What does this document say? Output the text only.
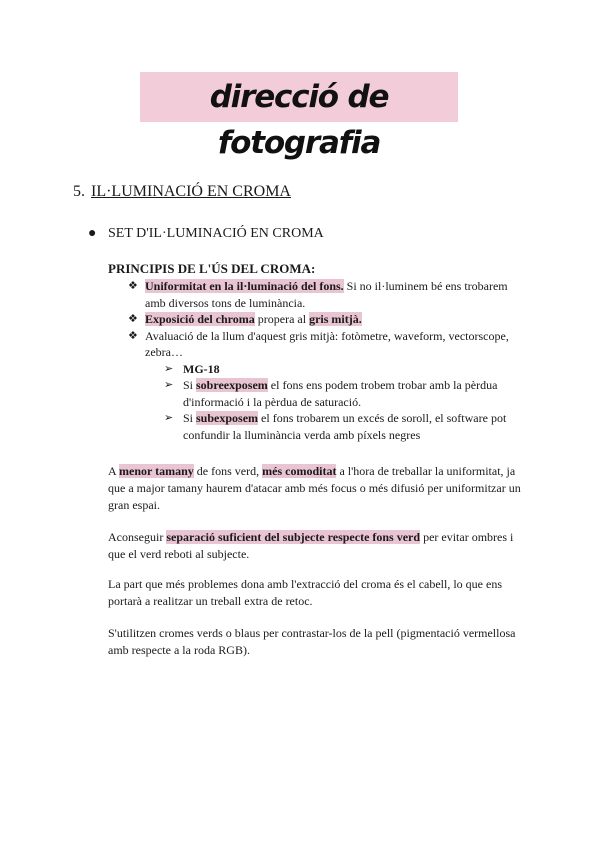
direcció de fotografia
5. IL·LUMINACIÓ EN CROMA
● SET D'IL·LUMINACIÓ EN CROMA
PRINCIPIS DE L'ÚS DEL CROMA:
❖ Uniformitat en la il·luminació del fons. Si no il·luminem bé ens trobarem amb diversos tons de luminància.
❖ Exposició del chroma propera al gris mitjà.
❖ Avaluació de la llum d'aquest gris mitjà: fotòmetre, waveform, vectorscope, zebra…
➢ MG-18
➢ Si sobreexposem el fons ens podem trobem trobar amb la pèrdua d'informació i la pèrdua de saturació.
➢ Si subexposem el fons trobarem un excés de soroll, el software pot confundir la lluminància verda amb píxels negres
A menor tamany de fons verd, més comoditat a l'hora de treballar la uniformitat, ja que a major tamany haurem d'atacar amb més focus o més difusió per uniformitzar un gran espai.
Aconseguir separació suficient del subjecte respecte fons verd per evitar ombres i que el verd reboti al subjecte.
La part que més problemes dona amb l'extracció del croma és el cabell, lo que ens portarà a realitzar un treball extra de retoc.
S'utilitzen cromes verds o blaus per contrastar-los de la pell (pigmentació vermellosa amb respecte a la roda RGB).
